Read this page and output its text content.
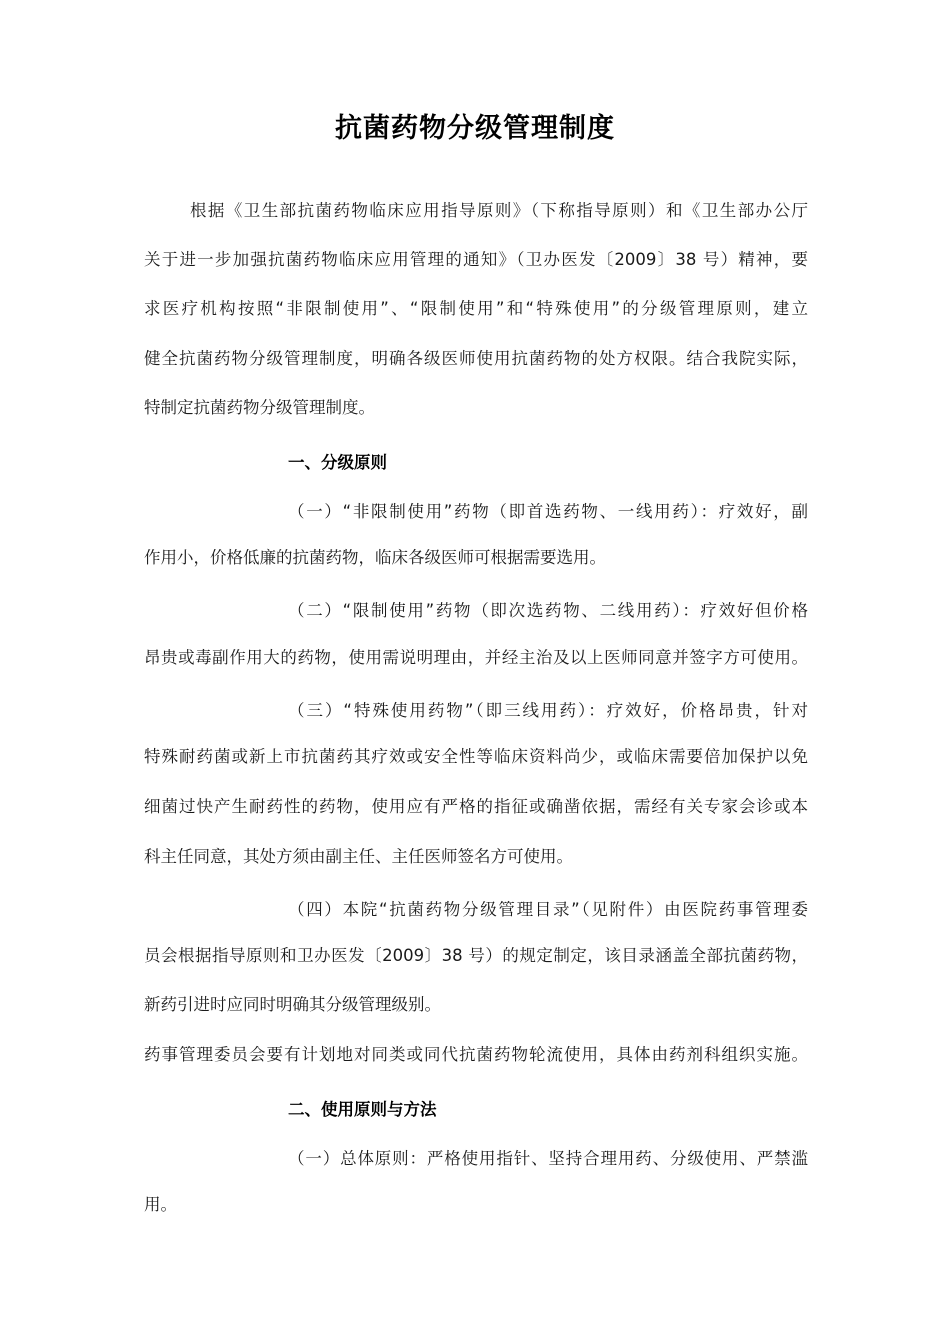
抗菌药物分级管理制度
根据《卫生部抗菌药物临床应用指导原则》（下称指导原则）和《卫生部办公厅
关于进一步加强抗菌药物临床应用管理的通知》（卫办医发〔2009〕38 号）精神，要
求医疗机构按照“非限制使用”、“限制使用”和“特殊使用”的分级管理原则，建立
健全抗菌药物分级管理制度，明确各级医师使用抗菌药物的处方权限。结合我院实际，
特制定抗菌药物分级管理制度。
一、分级原则
（一）“非限制使用”药物（即首选药物、一线用药）：疗效好，副
作用小，价格低廉的抗菌药物，临床各级医师可根据需要选用。
（二）“限制使用”药物（即次选药物、二线用药）：疗效好但价格
昂贵或毒副作用大的药物，使用需说明理由，并经主治及以上医师同意并签字方可使用。
（三）“特殊使用药物”（即三线用药）：疗效好，价格昂贵，针对
特殊耐药菌或新上市抗菌药其疗效或安全性等临床资料尚少，或临床需要倍加保护以免
细菌过快产生耐药性的药物，使用应有严格的指征或确凿依据，需经有关专家会诊或本
科主任同意，其处方须由副主任、主任医师签名方可使用。
（四）本院“抗菌药物分级管理目录”（见附件）由医院药事管理委
员会根据指导原则和卫办医发〔2009〕38 号）的规定制定，该目录涵盖全部抗菌药物，
新药引进时应同时明确其分级管理级别。
药事管理委员会要有计划地对同类或同代抗菌药物轮流使用，具体由药剂科组织实施。
二、使用原则与方法
（一）总体原则：严格使用指针、坚持合理用药、分级使用、严禁滥
用。
